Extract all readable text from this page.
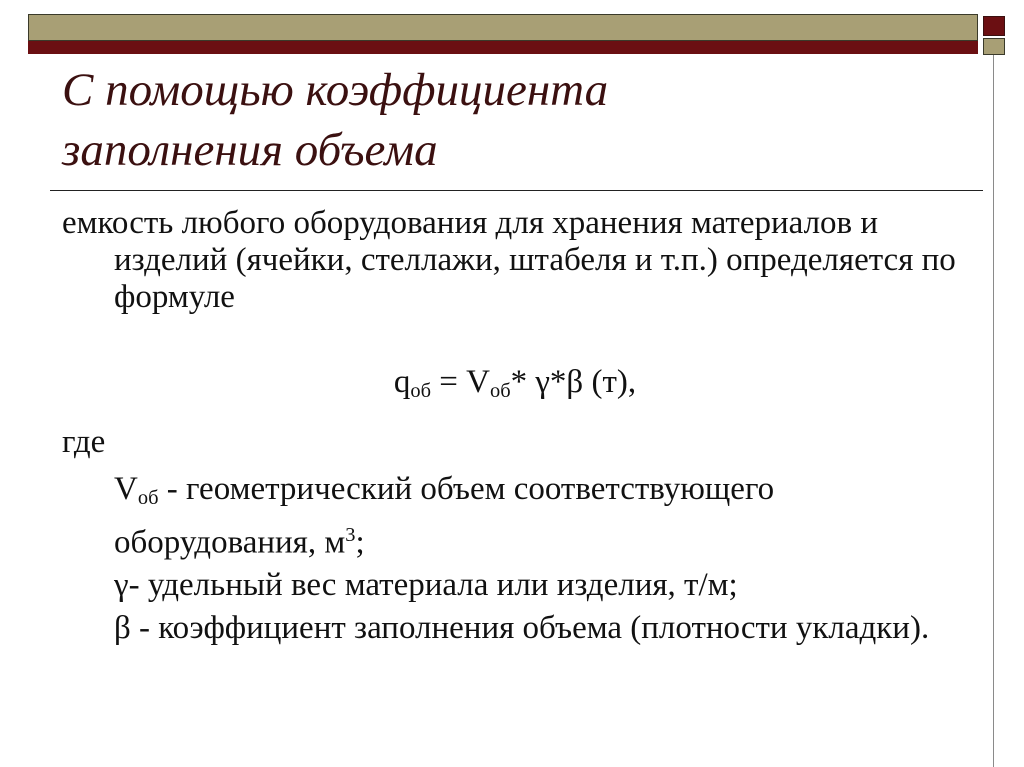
С помощью коэффициента
заполнения объема

емкость любого оборудования для хранения материалов и изделий (ячейки, стеллажи, штабеля и т.п.) определяется по формуле

$q_{об} = V_{об}*$ γ*β (т),

где

$V_{об}$ - геометрический объем соответствующего оборудования, $м^3$;

γ- удельный вес материала или изделия, т/м;

β - коэффициент заполнения объема (плотности укладки).
